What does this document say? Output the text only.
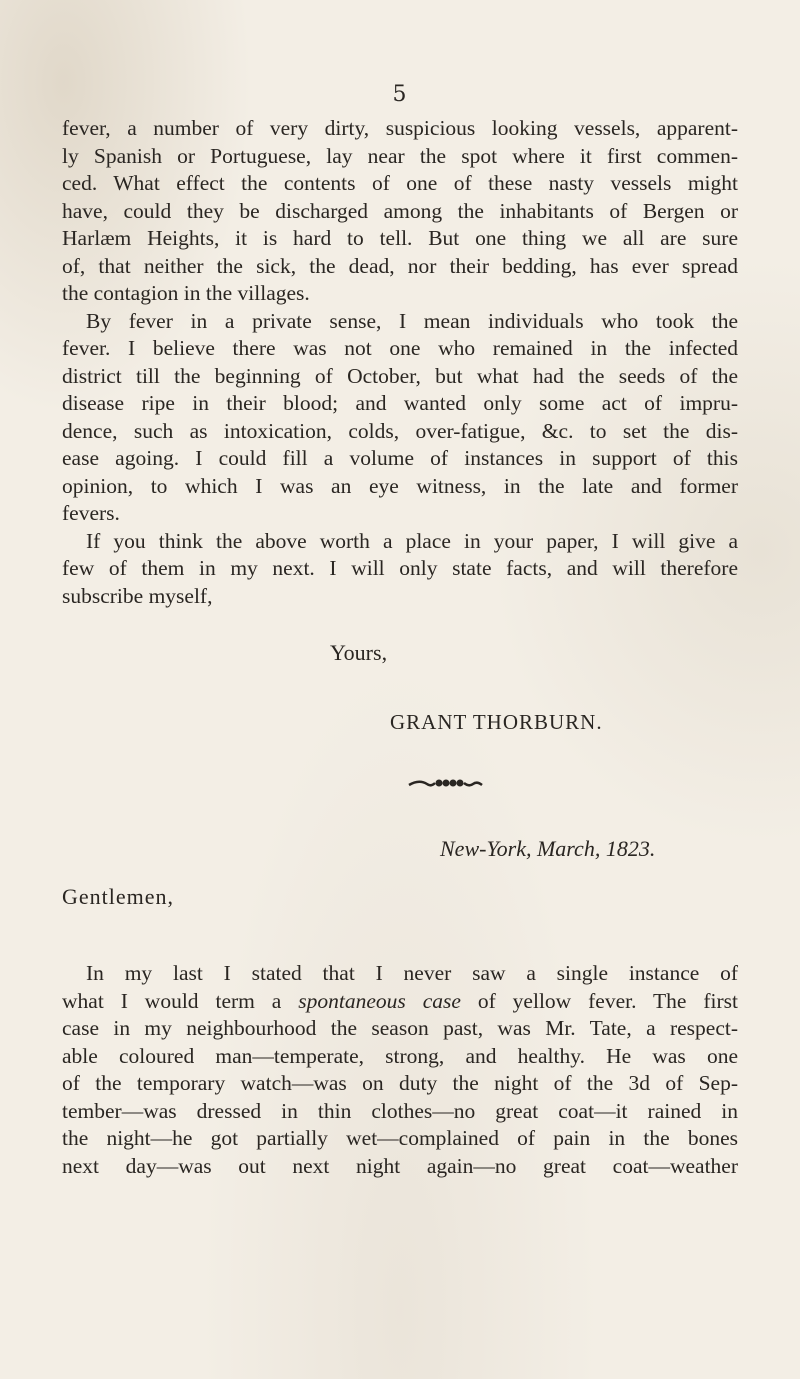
5
fever, a number of very dirty, suspicious looking vessels, apparent-
ly Spanish or Portuguese, lay near the spot where it first commen-
ced. What effect the contents of one of these nasty vessels might
have, could they be discharged among the inhabitants of Bergen or
Harlæm Heights, it is hard to tell. But one thing we all are sure
of, that neither the sick, the dead, nor their bedding, has ever spread
the contagion in the villages.
By fever in a private sense, I mean individuals who took the
fever. I believe there was not one who remained in the infected
district till the beginning of October, but what had the seeds of the
disease ripe in their blood; and wanted only some act of impru-
dence, such as intoxication, colds, over-fatigue, &c. to set the dis-
ease agoing. I could fill a volume of instances in support of this
opinion, to which I was an eye witness, in the late and former
fevers.
If you think the above worth a place in your paper, I will give a
few of them in my next. I will only state facts, and will therefore
subscribe myself,
Yours,
GRANT THORBURN.
New-York, March, 1823.
Gentlemen,
In my last I stated that I never saw a single instance of
what I would term a spontaneous case of yellow fever. The first
case in my neighbourhood the season past, was Mr. Tate, a respect-
able coloured man—temperate, strong, and healthy. He was one
of the temporary watch—was on duty the night of the 3d of Sep-
tember—was dressed in thin clothes—no great coat—it rained in
the night—he got partially wet—complained of pain in the bones
next day—was out next night again—no great coat—weather
